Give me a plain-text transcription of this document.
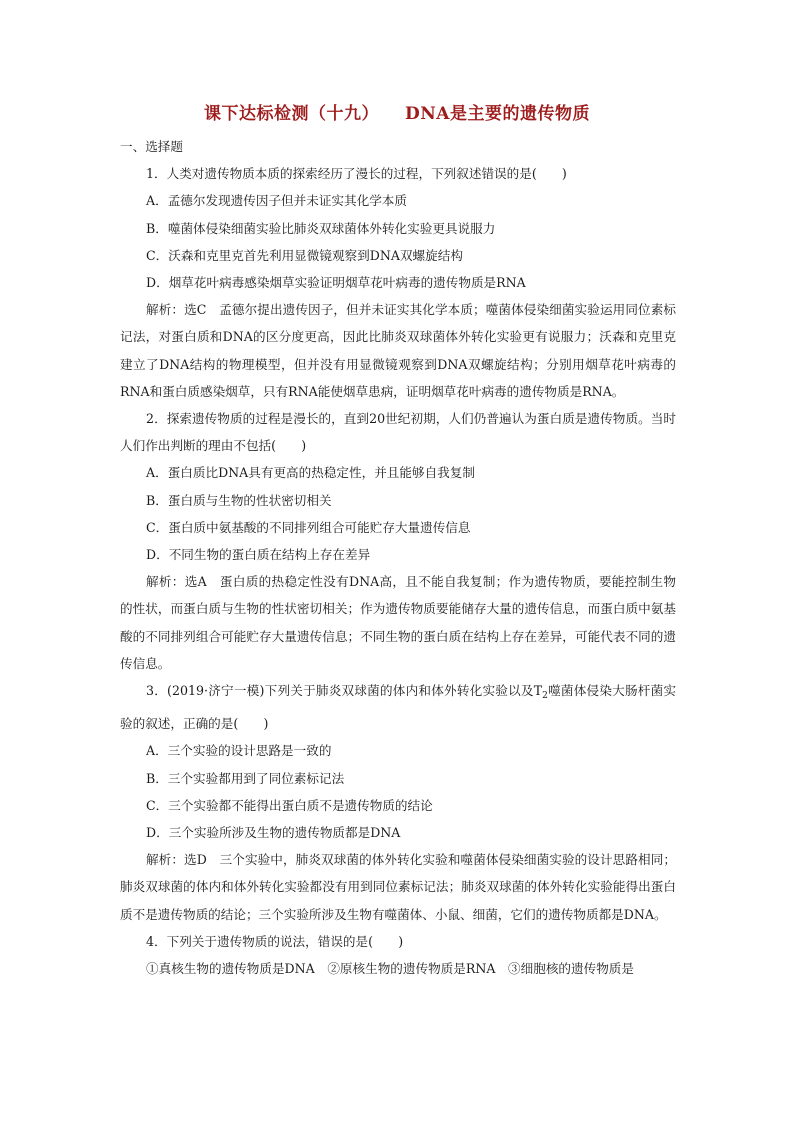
课下达标检测（十九） DNA是主要的遗传物质

一、选择题

1．人类对遗传物质本质的探索经历了漫长的过程，下列叙述错误的是(　　)

A．孟德尔发现遗传因子但并未证实其化学本质

B．噬菌体侵染细菌实验比肺炎双球菌体外转化实验更具说服力

C．沃森和克里克首先利用显微镜观察到DNA双螺旋结构

D．烟草花叶病毒感染烟草实验证明烟草花叶病毒的遗传物质是RNA

解析：选C　孟德尔提出遗传因子，但并未证实其化学本质；噬菌体侵染细菌实验运用同位素标记法，对蛋白质和DNA的区分度更高，因此比肺炎双球菌体外转化实验更有说服力；沃森和克里克建立了DNA结构的物理模型，但并没有用显微镜观察到DNA双螺旋结构；分别用烟草花叶病毒的RNA和蛋白质感染烟草，只有RNA能使烟草患病，证明烟草花叶病毒的遗传物质是RNA。

2．探索遗传物质的过程是漫长的，直到20世纪初期，人们仍普遍认为蛋白质是遗传物质。当时人们作出判断的理由不包括(　　)

A．蛋白质比DNA具有更高的热稳定性，并且能够自我复制

B．蛋白质与生物的性状密切相关

C．蛋白质中氨基酸的不同排列组合可能贮存大量遗传信息

D．不同生物的蛋白质在结构上存在差异

解析：选A　蛋白质的热稳定性没有DNA高，且不能自我复制；作为遗传物质，要能控制生物的性状，而蛋白质与生物的性状密切相关；作为遗传物质要能储存大量的遗传信息，而蛋白质中氨基酸的不同排列组合可能贮存大量遗传信息；不同生物的蛋白质在结构上存在差异，可能代表不同的遗传信息。

3．(2019·济宁一模)下列关于肺炎双球菌的体内和体外转化实验以及$T_2$噬菌体侵染大肠杆菌实验的叙述，正确的是(　　)

A．三个实验的设计思路是一致的

B．三个实验都用到了同位素标记法

C．三个实验都不能得出蛋白质不是遗传物质的结论

D．三个实验所涉及生物的遗传物质都是DNA

解析：选D　三个实验中，肺炎双球菌的体外转化实验和噬菌体侵染细菌实验的设计思路相同；肺炎双球菌的体内和体外转化实验都没有用到同位素标记法；肺炎双球菌的体外转化实验能得出蛋白质不是遗传物质的结论；三个实验所涉及生物有噬菌体、小鼠、细菌，它们的遗传物质都是DNA。

4．下列关于遗传物质的说法，错误的是(　　)

①真核生物的遗传物质是DNA　②原核生物的遗传物质是RNA　③细胞核的遗传物质是
